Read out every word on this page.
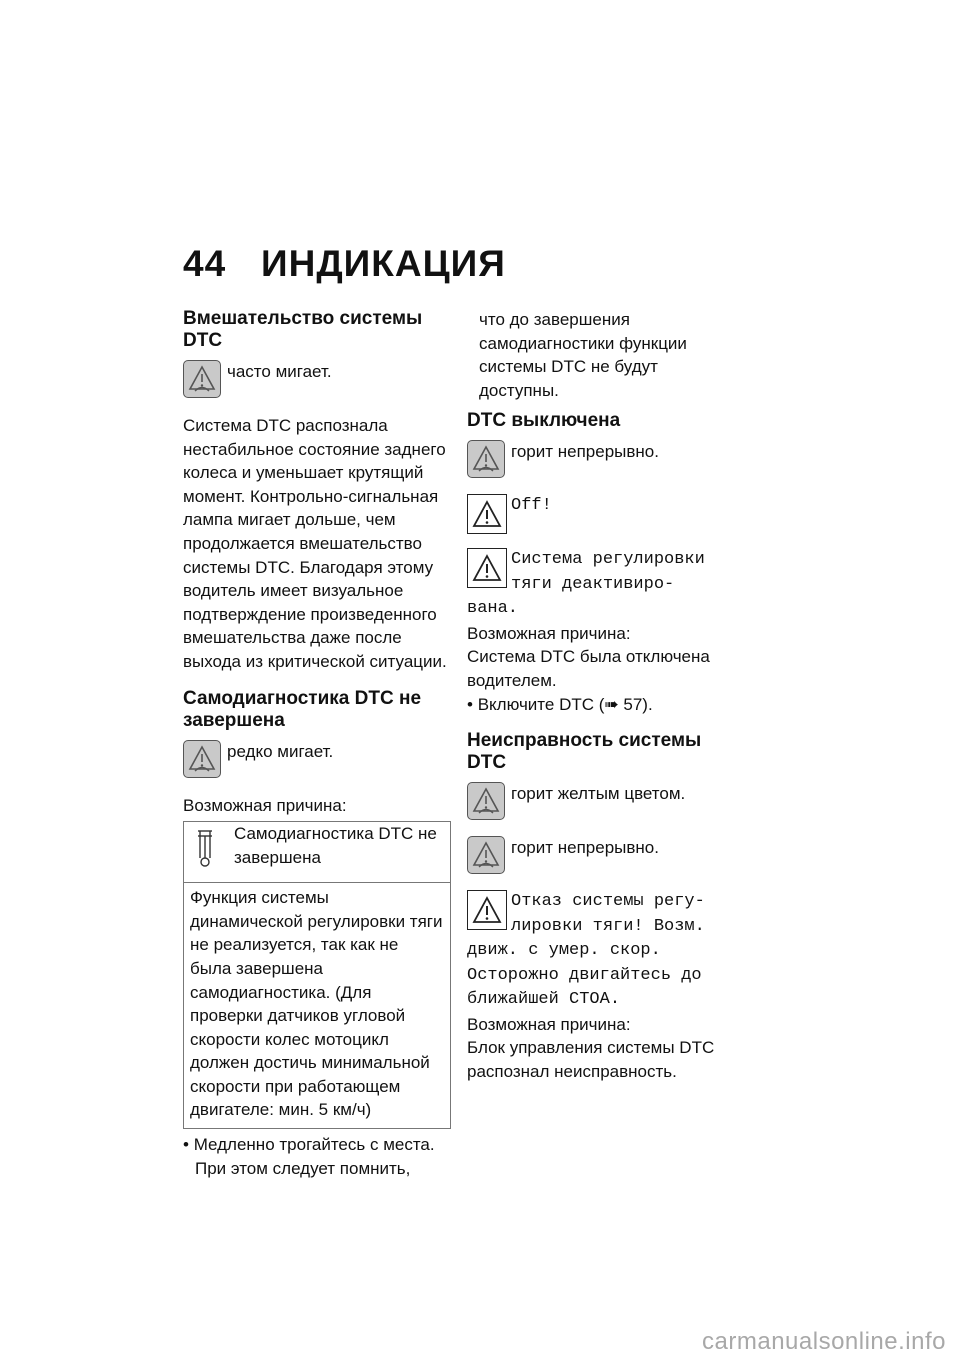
44 ИНДИКАЦИЯ

Вмешательство системы DTC

часто мигает.

Система DTC распознала нестабильное состояние заднего колеса и уменьшает крутящий момент. Контрольно-сигнальная лампа мигает дольше, чем продолжается вмешательство системы DTC. Благодаря этому водитель имеет визуальное подтверждение произведенного вмешательства даже после выхода из критической ситуации.

Самодиагностика DTC не завершена

редко мигает.

Возможная причина:

Самодиагностика DTC не завершена
Функция системы динамической регулировки тяги не реализуется, так как не была завершена самодиагностика. (Для проверки датчиков угловой скорости колес мотоцикл должен достичь минимальной скорости при работающем двигателе: мин. 5 км/ч)

• Медленно трогайтесь с места. При этом следует помнить,

что до завершения самодиагностики функции системы DTC не будут доступны.

DTC выключена

горит непрерывно.
Off!
Система регулировки
тяги деактивиро-
вана.

Возможная причина:

Система DTC была отключена водителем.

• Включите DTC (➠ 57).

Неисправность системы DTC

горит желтым цветом.
горит непрерывно.
Отказ системы регу-
лировки тяги! Возм.
движ. с умер. скор.
Осторожно двигайтесь до
ближайшей СТОА.

Возможная причина:

Блок управления системы DTC распознал неисправность.

carmanualsonline.info
